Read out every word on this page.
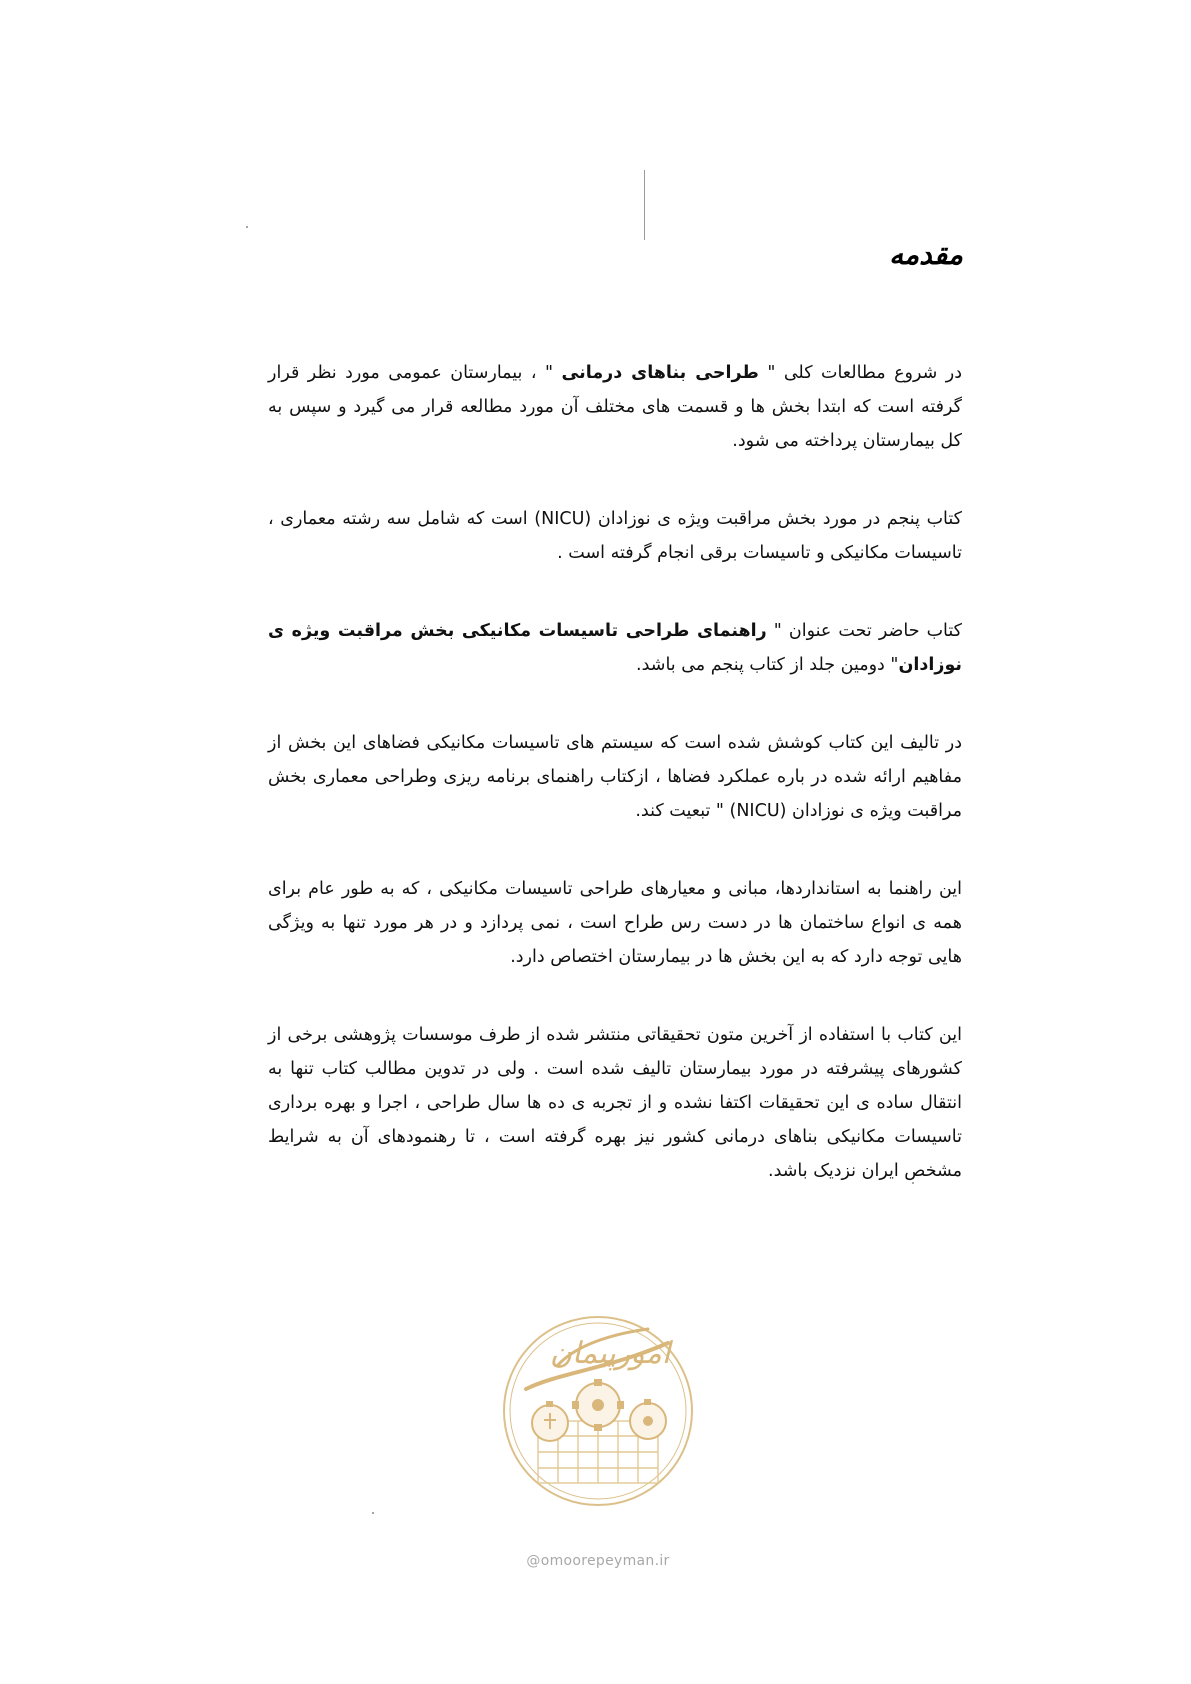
مقدمه

در شروع مطالعات کلی " طراحی بناهای درمانی " ، بیمارستان عمومی مورد نظر قرار گرفته است که ابتدا بخش ها و قسمت های مختلف آن مورد مطالعه قرار می گیرد و سپس به کل بیمارستان پرداخته می شود.

کتاب پنجم در مورد بخش مراقبت ویژه ی نوزادان (NICU) است که شامل سه رشته معماری ، تاسیسات مکانیکی و تاسیسات برقی انجام گرفته است .

کتاب حاضر تحت عنوان " راهنمای طراحی تاسیسات مکانیکی بخش مراقبت ویژه ی نوزادان" دومین جلد از کتاب پنجم می باشد.

در تالیف این کتاب کوشش شده است که سیستم های تاسیسات مکانیکی فضاهای این بخش از مفاهیم ارائه شده در باره عملکرد فضاها ، ازکتاب راهنمای برنامه ریزی وطراحی معماری بخش مراقبت ویژه ی نوزادان (NICU) " تبعیت کند.

این راهنما به استانداردها، مبانی و معیارهای طراحی تاسیسات مکانیکی ، که به طور عام برای همه ی انواع ساختمان ها در دست رس طراح است ، نمی پردازد و در هر مورد تنها به ویژگی هایی توجه دارد که به این بخش ها در بیمارستان اختصاص دارد.

این کتاب با استفاده از آخرین متون تحقیقاتی منتشر شده از طرف موسسات پژوهشی برخی از کشورهای پیشرفته در مورد بیمارستان تالیف شده است . ولی در تدوین مطالب کتاب تنها به انتقال ساده ی این تحقیقات اکتفا نشده و از تجربه ی ده ها سال طراحی ، اجرا و بهره برداری تاسیسات مکانیکی بناهای درمانی کشور نیز بهره گرفته است ، تا رهنمودهای آن به شرایط مشخص ایران نزدیک باشد.

امورپیمان
@omoorepeyman.ir
